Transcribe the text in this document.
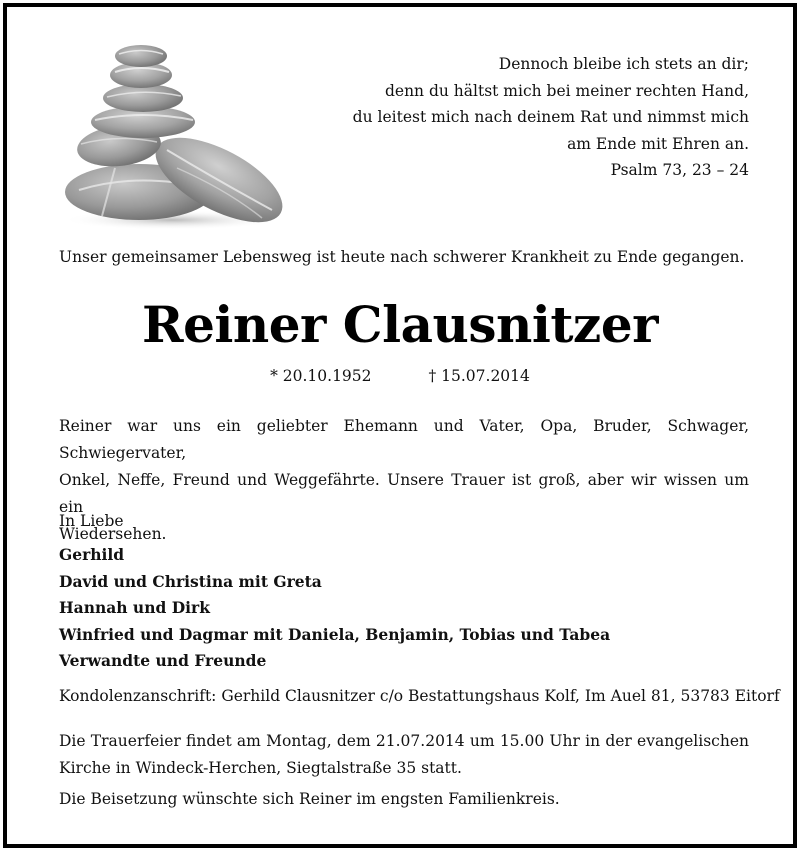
Dennoch bleibe ich stets an dir;
denn du hältst mich bei meiner rechten Hand,
du leitest mich nach deinem Rat und nimmst mich
am Ende mit Ehren an.
Psalm 73, 23 – 24
Unser gemeinsamer Lebensweg ist heute nach schwerer Krankheit zu Ende gegangen.
Reiner Clausnitzer
* 20.10.1952	† 15.07.2014
Reiner war uns ein geliebter Ehemann und Vater, Opa, Bruder, Schwager, Schwiegervater,
Onkel, Neffe, Freund und Weggefährte. Unsere Trauer ist groß, aber wir wissen um ein
Wiedersehen.
In Liebe
Gerhild
David und Christina mit Greta
Hannah und Dirk
Winfried und Dagmar mit Daniela, Benjamin, Tobias und Tabea
Verwandte und Freunde
Kondolenzanschrift: Gerhild Clausnitzer c/o Bestattungshaus Kolf, Im Auel 81, 53783 Eitorf
Die Trauerfeier findet am Montag, dem 21.07.2014 um 15.00 Uhr in der evangelischen
Kirche in Windeck-Herchen, Siegtalstraße 35 statt.
Die Beisetzung wünschte sich Reiner im engsten Familienkreis.
